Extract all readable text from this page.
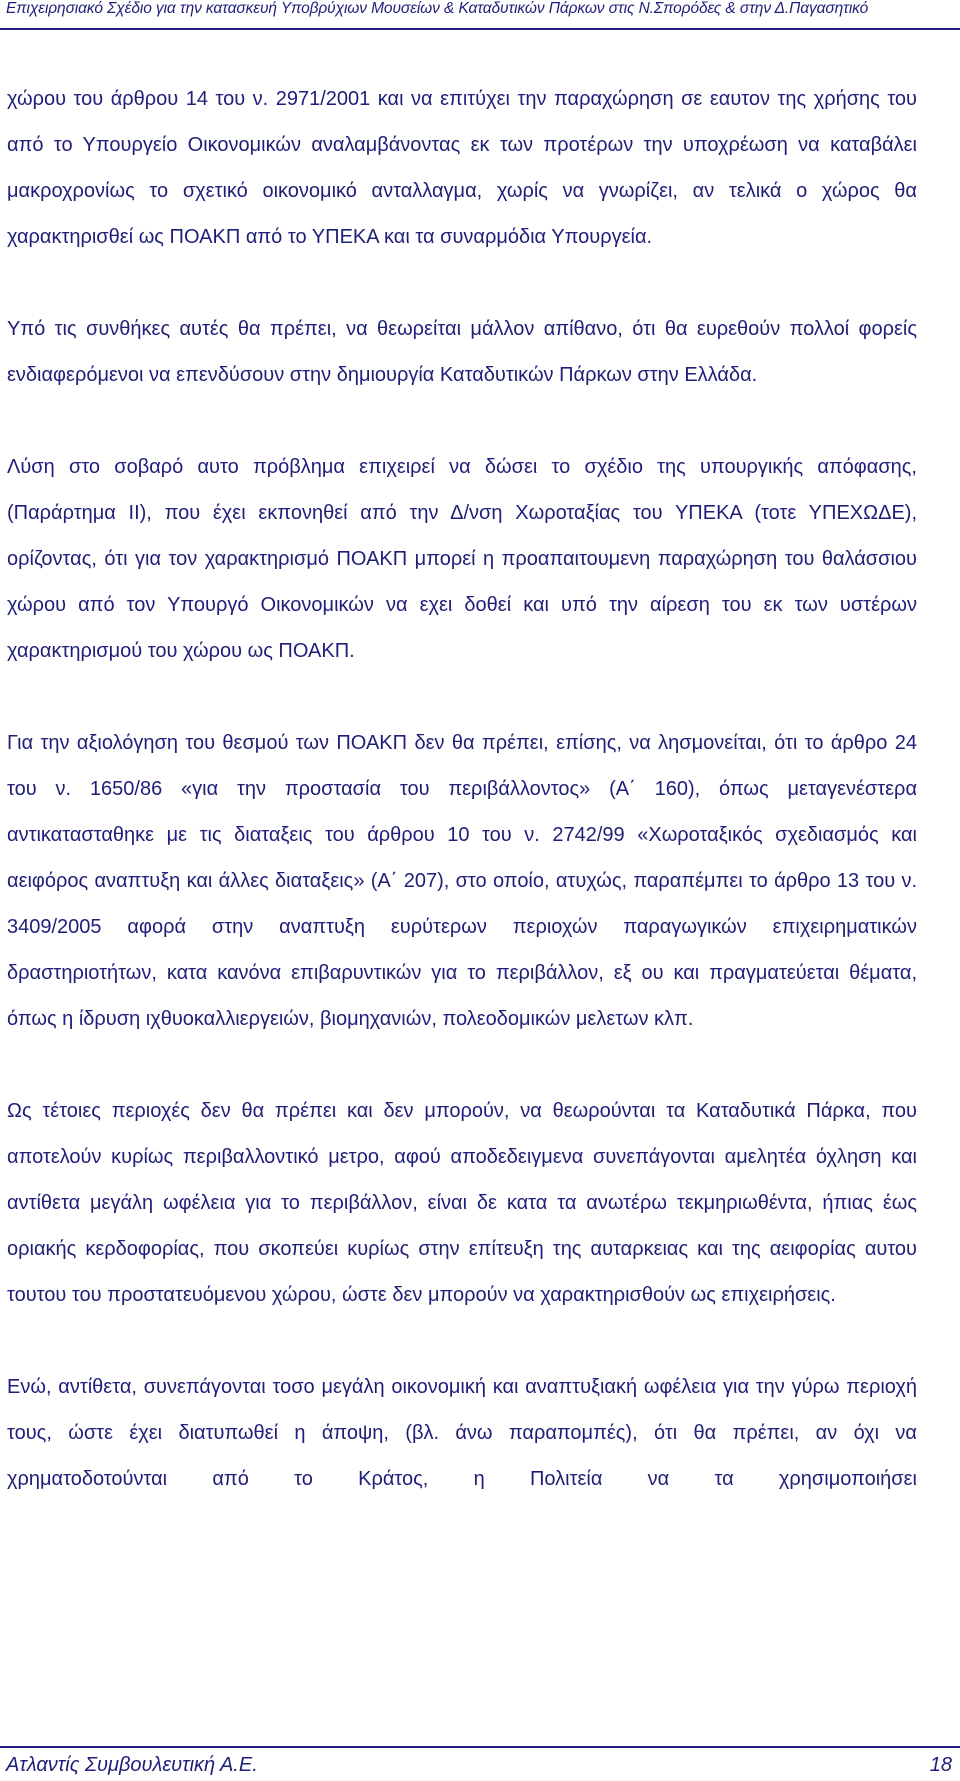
Επιχειρησιακό Σχέδιο για την κατασκευή Υποβρύχιων Μουσείων & Καταδυτικών Πάρκων στις Ν.Σπορόδες & στην Δ.Παγασητικό

χώρου του άρθρου 14 του ν. 2971/2001 και να επιτύχει την παραχώρηση σε εαυτον της χρήσης του από το Υπουργείο Οικονομικών αναλαμβάνοντας εκ των προτέρων την υποχρέωση να καταβάλει μακροχρονίως το σχετικό οικονομικό ανταλλαγμα, χωρίς να γνωρίζει, αν τελικά ο χώρος θα χαρακτηρισθεί ως ΠΟΑΚΠ από το ΥΠΕΚΑ και τα συναρμόδια Υπουργεία.

Υπό τις συνθήκες αυτές θα πρέπει, να θεωρείται μάλλον απίθανο, ότι θα ευρεθούν πολλοί φορείς ενδιαφερόμενοι να επενδύσουν στην δημιουργία Καταδυτικών Πάρκων στην Ελλάδα.

Λύση στο σοβαρό αυτο πρόβλημα επιχειρεί να δώσει το σχέδιο της υπουργικής απόφασης, (Παράρτημα ΙΙ), που έχει εκπονηθεί από την Δ/νση Χωροταξίας του ΥΠΕΚΑ (τοτε ΥΠΕΧΩΔΕ), ορίζοντας, ότι για τον χαρακτηρισμό ΠΟΑΚΠ μπορεί η προαπαιτουμενη παραχώρηση του θαλάσσιου χώρου από τον Υπουργό Οικονομικών να εχει δοθεί και υπό την αίρεση του εκ των υστέρων χαρακτηρισμού του χώρου ως ΠΟΑΚΠ.

Για την αξιολόγηση του θεσμού των ΠΟΑΚΠ δεν θα πρέπει, επίσης, να λησμονείται, ότι το άρθρο 24 του ν. 1650/86 «για την προστασία του περιβάλλοντος» (Α΄ 160), όπως μεταγενέστερα αντικατασταθηκε με τις διαταξεις του άρθρου 10 του ν. 2742/99 «Χωροταξικός σχεδιασμός και αειφόρος αναπτυξη και άλλες διαταξεις» (Α΄ 207), στο οποίο, ατυχώς, παραπέμπει το άρθρο 13 του ν. 3409/2005 αφορά στην αναπτυξη ευρύτερων περιοχών παραγωγικών επιχειρηματικών δραστηριοτήτων, κατα κανόνα επιβαρυντικών για το περιβάλλον, εξ ου και πραγματεύεται θέματα, όπως η ίδρυση ιχθυοκαλλιεργειών, βιομηχανιών, πολεοδομικών μελετων κλπ.

Ως τέτοιες περιοχές δεν θα πρέπει και δεν μπορούν, να θεωρούνται τα Καταδυτικά Πάρκα, που αποτελούν κυρίως περιβαλλοντικό μετρο, αφού αποδεδειγμενα συνεπάγονται αμελητέα όχληση και αντίθετα μεγάλη ωφέλεια για το περιβάλλον, είναι δε κατα τα ανωτέρω τεκμηριωθέντα, ήπιας έως οριακής κερδοφορίας, που σκοπεύει κυρίως στην επίτευξη της αυταρκειας και της αειφορίας αυτου τουτου του προστατευόμενου χώρου, ώστε δεν μπορούν να χαρακτηρισθούν ως επιχειρήσεις.

Ενώ, αντίθετα, συνεπάγονται τοσο μεγάλη οικονομική και αναπτυξιακή ωφέλεια για την γύρω περιοχή τους, ώστε έχει διατυπωθεί η άποψη, (βλ. άνω παραπομπές), ότι θα πρέπει, αν όχι να χρηματοδοτούνται από το Κράτος, η Πολιτεία να τα χρησιμοποιήσει

Ατλαντίς Συμβουλευτική Α.Ε.	18
